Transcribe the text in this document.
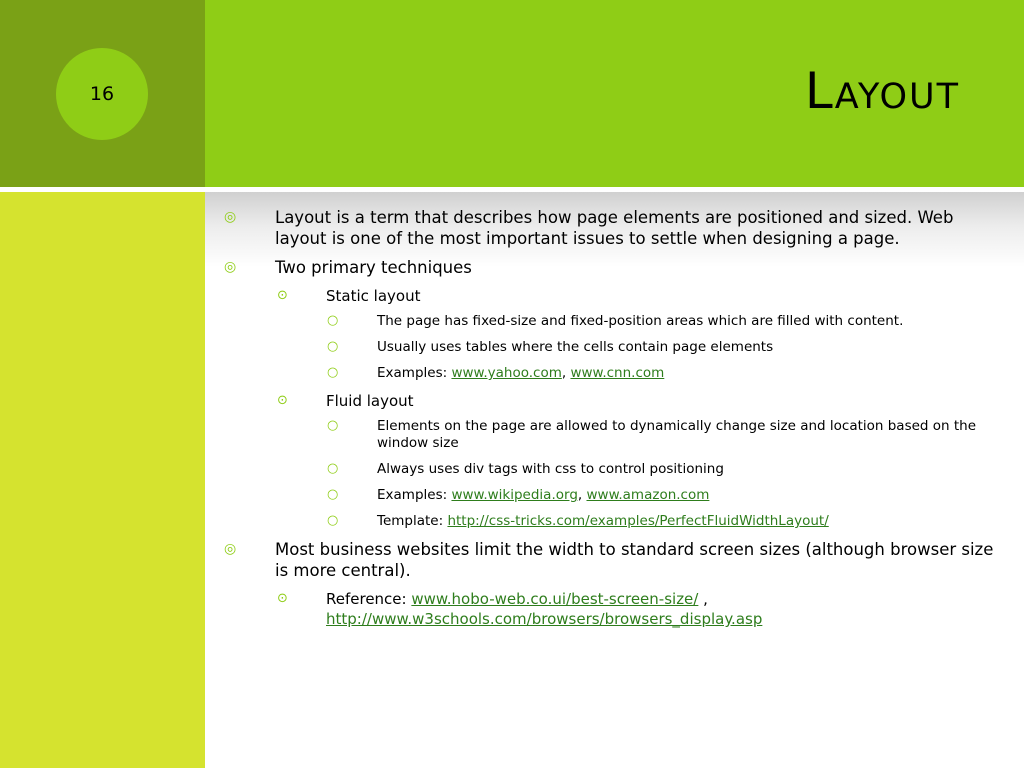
16	Layout
◎ Layout is a term that describes how page elements are positioned and sized. Web layout is one of the most important issues to settle when designing a page.
◎ Two primary techniques
⊙	Static layout
○	The page has fixed-size and fixed-position areas which are filled with content.
○	Usually uses tables where the cells contain page elements
○	Examples: www.yahoo.com, www.cnn.com
⊙	Fluid layout
○	Elements on the page are allowed to dynamically change size and location based on the window size
○	Always uses div tags with css to control positioning
○	Examples: www.wikipedia.org, www.amazon.com
○	Template: http://css-tricks.com/examples/PerfectFluidWidthLayout/
◎ Most business websites limit the width to standard screen sizes (although browser size is more central).
⊙	Reference: www.hobo-web.co.ui/best-screen-size/ ,
http://www.w3schools.com/browsers/browsers_display.asp
